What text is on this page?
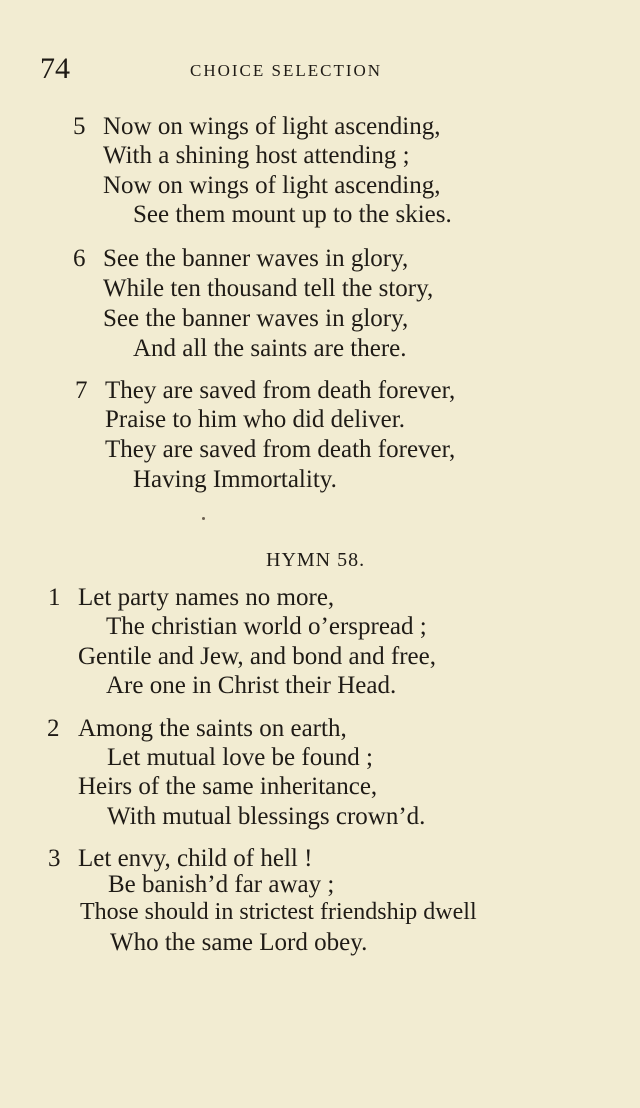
74	CHOICE SELECTION
5 Now on wings of light ascending,
With a shining host attending ;
Now on wings of light ascending,
See them mount up to the skies.
6 See the banner waves in glory,
While ten thousand tell the story,
See the banner waves in glory,
And all the saints are there.
7 They are saved from death forever,
Praise to him who did deliver.
They are saved from death forever,
Having Immortality.
HYMN 58.
1 Let party names no more,
The christian world o’erspread ;
Gentile and Jew, and bond and free,
Are one in Christ their Head.
2 Among the saints on earth,
Let mutual love be found ;
Heirs of the same inheritance,
With mutual blessings crown’d.
3 Let envy, child of hell !
Be banish’d far away ;
Those should in strictest friendship dwell
Who the same Lord obey.
